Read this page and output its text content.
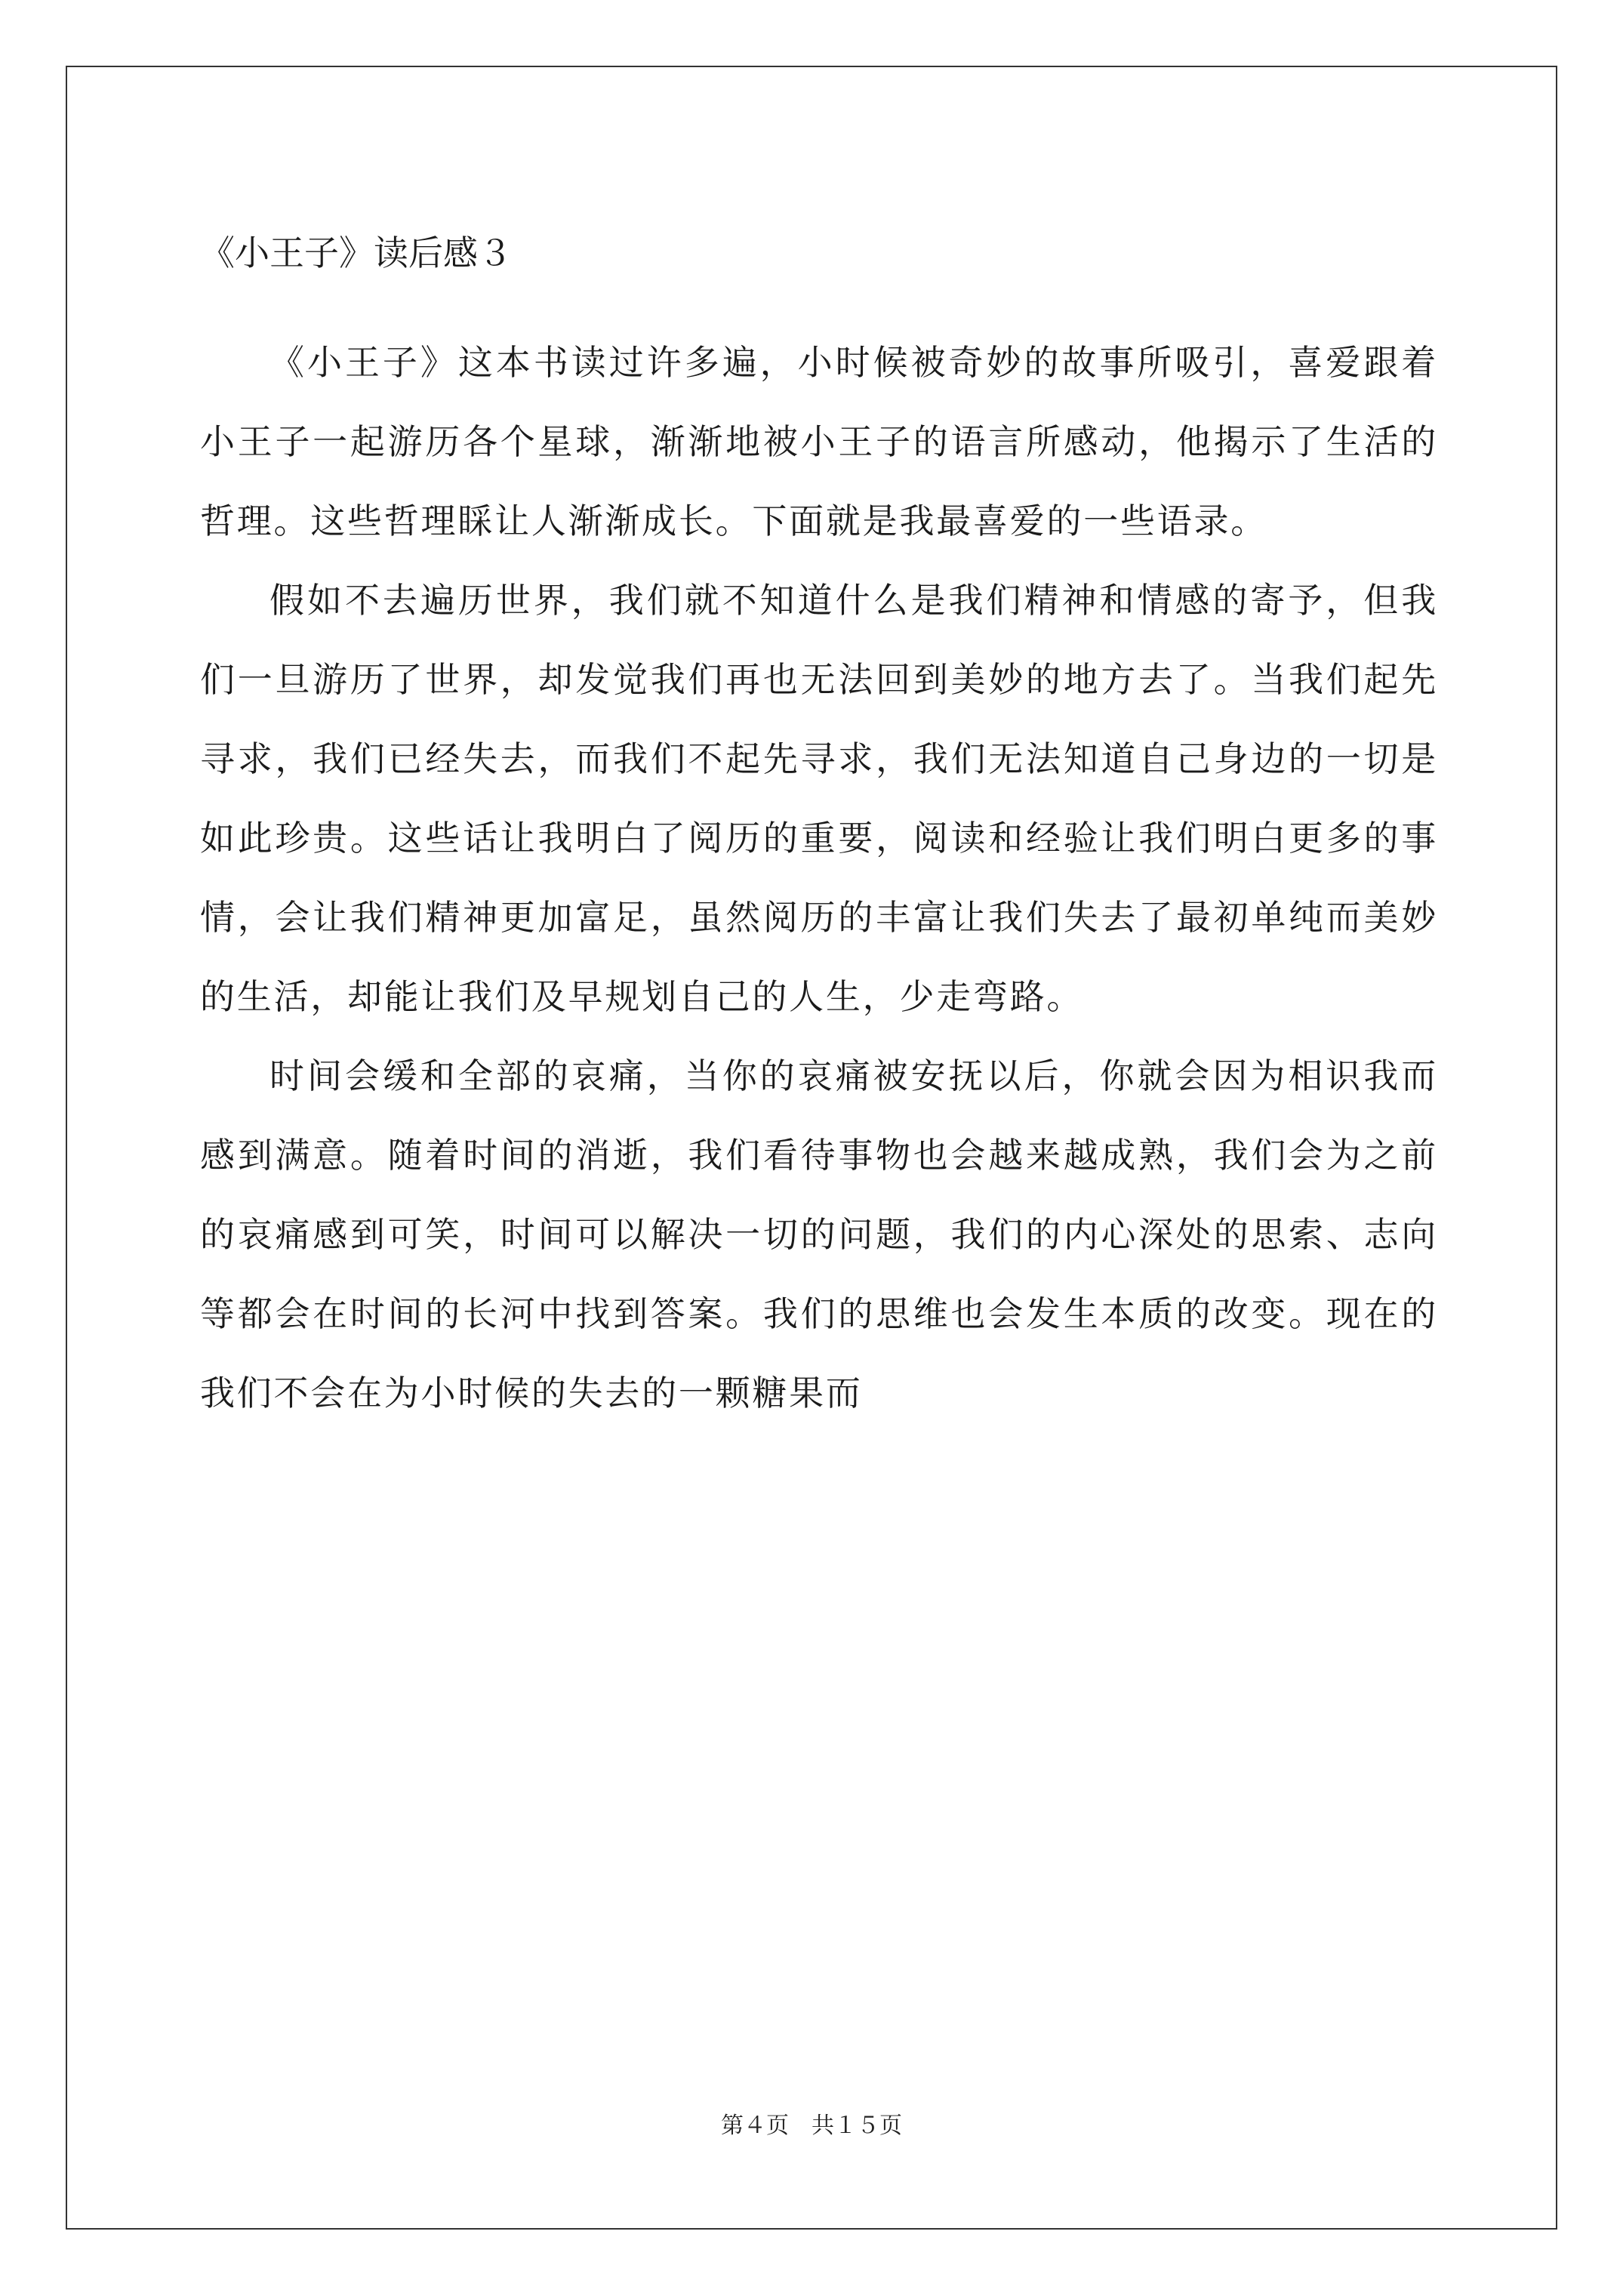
《小王子》读后感３

《小王子》这本书读过许多遍，小时候被奇妙的故事所吸引，喜爱跟着小王子一起游历各个星球，渐渐地被小王子的语言所感动，他揭示了生活的哲理。这些哲理睬让人渐渐成长。下面就是我最喜爱的一些语录。

假如不去遍历世界，我们就不知道什么是我们精神和情感的寄予，但我们一旦游历了世界，却发觉我们再也无法回到美妙的地方去了。当我们起先寻求，我们已经失去，而我们不起先寻求，我们无法知道自己身边的一切是如此珍贵。这些话让我明白了阅历的重要，阅读和经验让我们明白更多的事情，会让我们精神更加富足，虽然阅历的丰富让我们失去了最初单纯而美妙的生活，却能让我们及早规划自己的人生，少走弯路。

时间会缓和全部的哀痛，当你的哀痛被安抚以后，你就会因为相识我而感到满意。随着时间的消逝，我们看待事物也会越来越成熟，我们会为之前的哀痛感到可笑，时间可以解决一切的问题，我们的内心深处的思索、志向等都会在时间的长河中找到答案。我们的思维也会发生本质的改变。现在的我们不会在为小时候的失去的一颗糖果而

第４页　共１５页
